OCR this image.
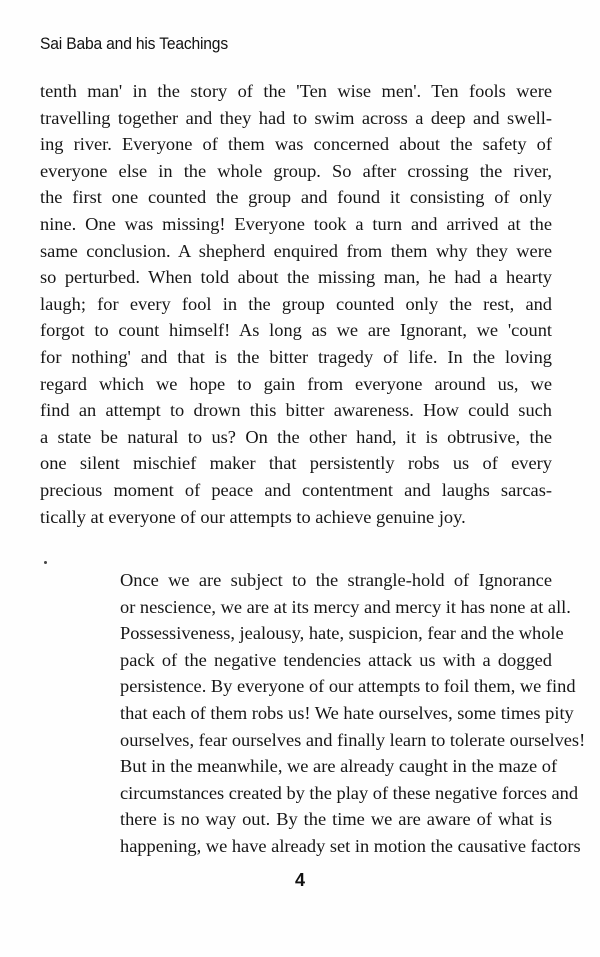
Sai Baba and his Teachings
tenth man' in the story of the 'Ten wise men'. Ten fools were
travelling together and they had to swim across a deep and swell-
ing river. Everyone of them was concerned about the safety of
everyone else in the whole group. So after crossing the river,
the first one counted the group and found it consisting of only
nine. One was missing! Everyone took a turn and arrived at the
same conclusion. A shepherd enquired from them why they were
so perturbed. When told about the missing man, he had a hearty
laugh; for every fool in the group counted only the rest, and
forgot to count himself! As long as we are Ignorant, we 'count
for nothing' and that is the bitter tragedy of life. In the loving
regard which we hope to gain from everyone around us, we
find an attempt to drown this bitter awareness. How could such
a state be natural to us? On the other hand, it is obtrusive, the
one silent mischief maker that persistently robs us of every
precious moment of peace and contentment and laughs sarcas-
tically at everyone of our attempts to achieve genuine joy.
Once we are subject to the strangle-hold of Ignorance
or nescience, we are at its mercy and mercy it has none at all.
Possessiveness, jealousy, hate, suspicion, fear and the whole
pack of the negative tendencies attack us with a dogged
persistence. By everyone of our attempts to foil them, we find
that each of them robs us! We hate ourselves, some times pity
ourselves, fear ourselves and finally learn to tolerate ourselves!
But in the meanwhile, we are already caught in the maze of
circumstances created by the play of these negative forces and
there is no way out. By the time we are aware of what is
happening, we have already set in motion the causative factors
4
